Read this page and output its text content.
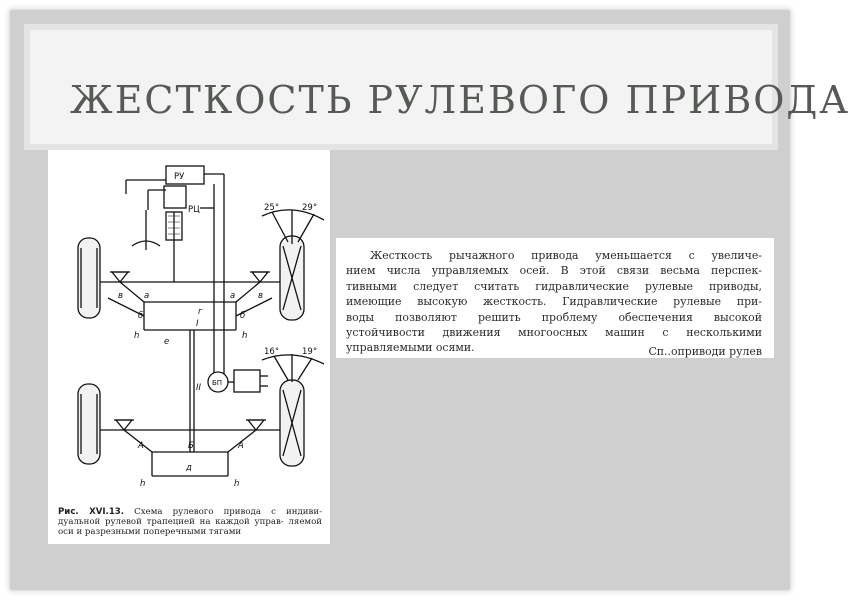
ЖЕСТКОСТЬ РУЛЕВОГО ПРИВОДА
РУ
РЦ
БП
25°	29°
16°	19°
а	а
б	б
в	в
h	h
г
е
I
II
А	А
Б
д
h	h
Рис. XVI.13. Схема рулевого привода с индиви- дуальной рулевой трапецией на каждой управ- ляемой оси и разрезными поперечными тягами
Жесткость рычажного привода уменьшается с увеличе-
нием числа управляемых осей. В этой связи весьма перспек-
тивными следует считать гидравлические рулевые приводы,
имеющие высокую жесткость. Гидравлические рулевые при-
воды позволяют решить проблему обеспечения высокой
устойчивости движения многоосных машин с несколькими
управляемыми осями.	Сп..оприводи рулев
